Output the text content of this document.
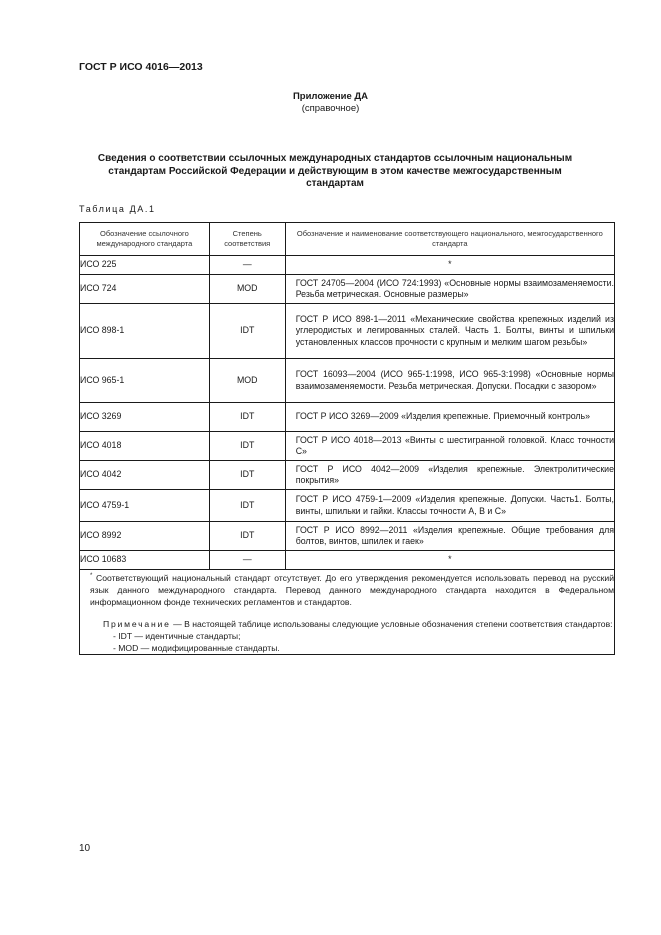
ГОСТ Р ИСО 4016—2013
Приложение ДА
(справочное)
Сведения о соответствии ссылочных международных стандартов ссылочным национальным стандартам Российской Федерации и действующим в этом качестве межгосударственным стандартам
Таблица ДА.1
Обозначение ссылочного международного стандарта	Степень соответствия	Обозначение и наименование соответствующего национального, межгосударственного стандарта
ИСО 225	—	*
ИСО 724	MOD	ГОСТ 24705—2004 (ИСО 724:1993) «Основные нормы взаимозаменяемости. Резьба метрическая. Основные размеры»

ИСО 898-1	IDT	ГОСТ Р ИСО 898-1—2011 «Механические свойства крепежных изделий из углеродистых и легированных сталей. Часть 1. Болты, винты и шпильки установленных классов прочности с крупным и мелким шагом резьбы»

ИСО 965-1	MOD	ГОСТ 16093—2004 (ИСО 965-1:1998, ИСО 965-3:1998) «Основные нормы взаимозаменяемости. Резьба метрическая. Допуски. Посадки с зазором»

ИСО 3269	IDT	ГОСТ Р ИСО 3269—2009 «Изделия крепежные. Приемочный контроль»

ИСО 4018	IDT	ГОСТ Р ИСО 4018—2013 «Винты с шестигранной головкой. Класс точности С»

ИСО 4042	IDT	ГОСТ Р ИСО 4042—2009 «Изделия крепежные. Электролитические покрытия»

ИСО 4759-1	IDT	ГОСТ Р ИСО 4759-1—2009 «Изделия крепежные. Допуски. Часть1. Болты, винты, шпильки и гайки. Классы точности А, В и С»

ИСО 8992	IDT	ГОСТ Р ИСО 8992—2011 «Изделия крепежные. Общие требования для болтов, винтов, шпилек и гаек»

ИСО 10683	—	*

* Соответствующий национальный стандарт отсутствует. До его утверждения рекомендуется использовать перевод на русский язык данного международного стандарта. Перевод данного международного стандарта находится в Федеральном информационном фонде технических регламентов и стандартов.

Примечание — В настоящей таблице использованы следующие условные обозначения степени соответствия стандартов:

- IDT — идентичные стандарты;

- MOD — модифицированные стандарты.		

10
